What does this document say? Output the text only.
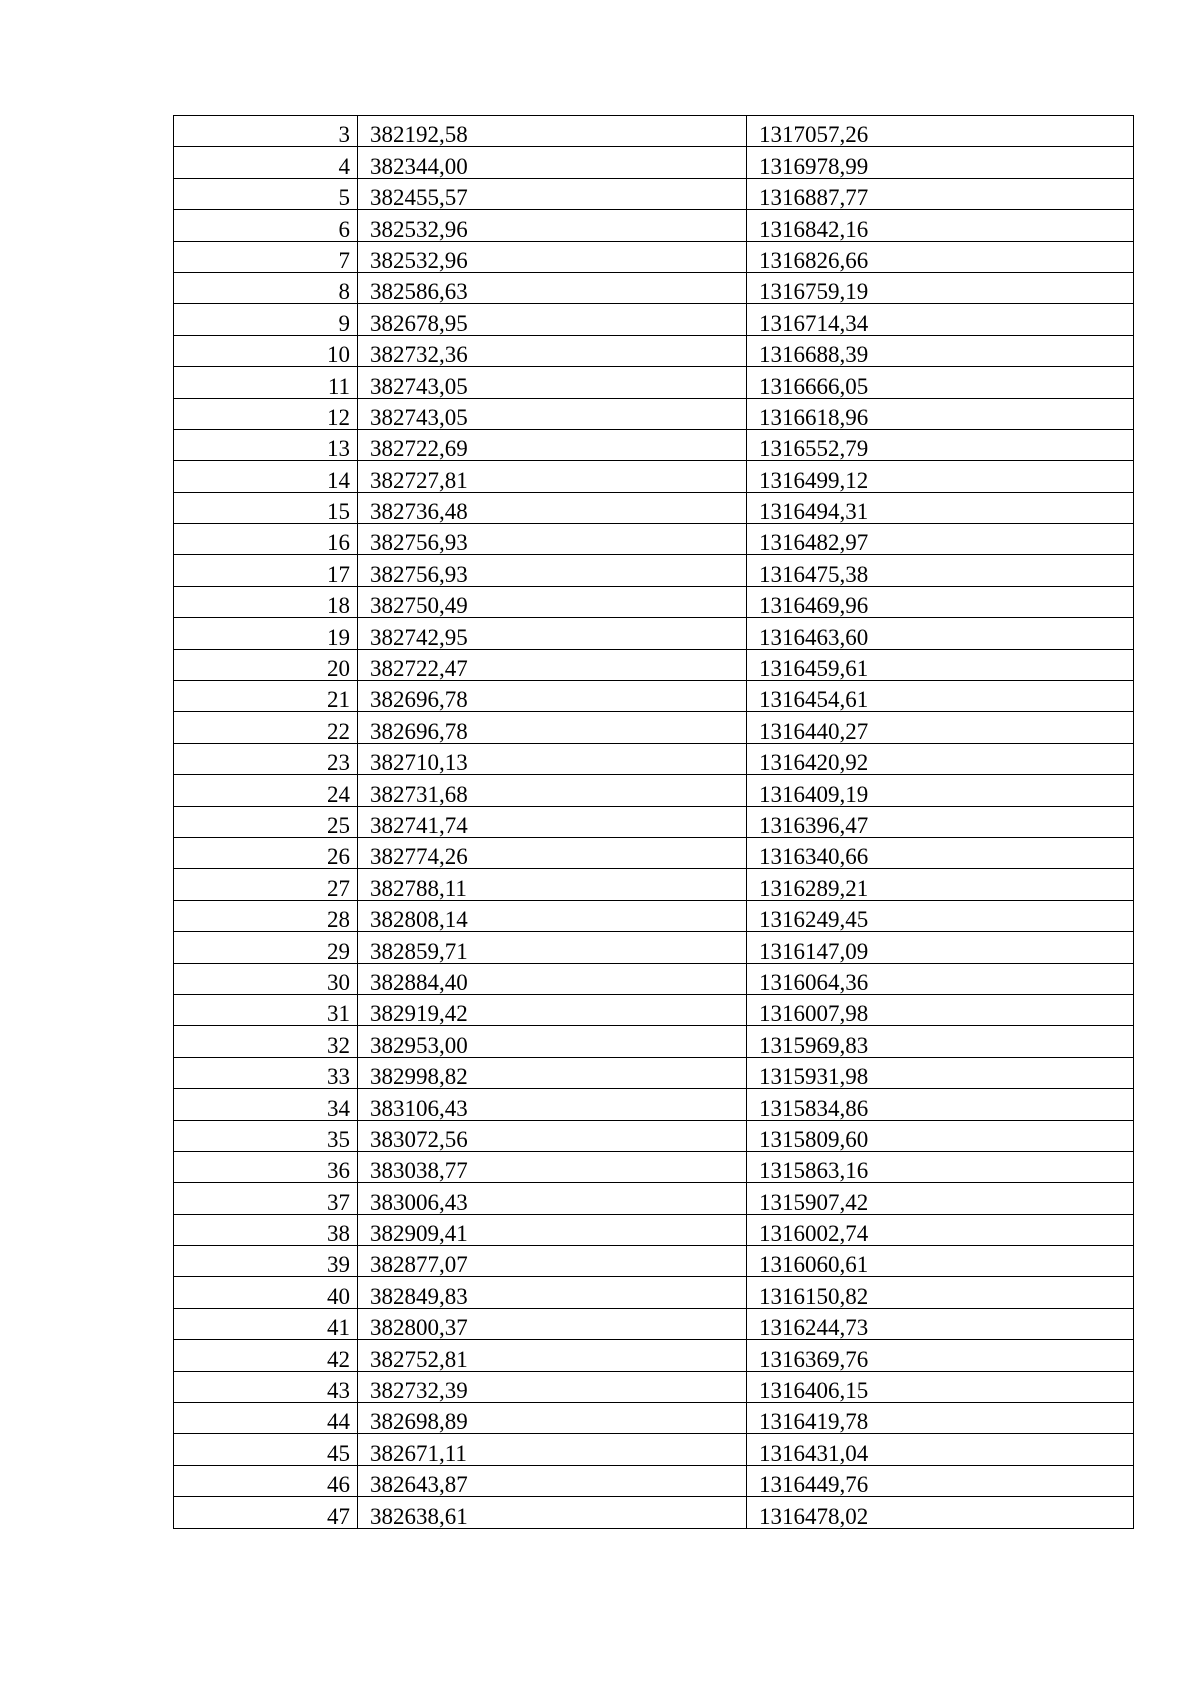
3	382192,58	1317057,26
4	382344,00	1316978,99
5	382455,57	1316887,77
6	382532,96	1316842,16
7	382532,96	1316826,66
8	382586,63	1316759,19
9	382678,95	1316714,34
10	382732,36	1316688,39
11	382743,05	1316666,05
12	382743,05	1316618,96
13	382722,69	1316552,79
14	382727,81	1316499,12
15	382736,48	1316494,31
16	382756,93	1316482,97
17	382756,93	1316475,38
18	382750,49	1316469,96
19	382742,95	1316463,60
20	382722,47	1316459,61
21	382696,78	1316454,61
22	382696,78	1316440,27
23	382710,13	1316420,92
24	382731,68	1316409,19
25	382741,74	1316396,47
26	382774,26	1316340,66
27	382788,11	1316289,21
28	382808,14	1316249,45
29	382859,71	1316147,09
30	382884,40	1316064,36
31	382919,42	1316007,98
32	382953,00	1315969,83
33	382998,82	1315931,98
34	383106,43	1315834,86
35	383072,56	1315809,60
36	383038,77	1315863,16
37	383006,43	1315907,42
38	382909,41	1316002,74
39	382877,07	1316060,61
40	382849,83	1316150,82
41	382800,37	1316244,73
42	382752,81	1316369,76
43	382732,39	1316406,15
44	382698,89	1316419,78
45	382671,11	1316431,04
46	382643,87	1316449,76
47	382638,61	1316478,02
